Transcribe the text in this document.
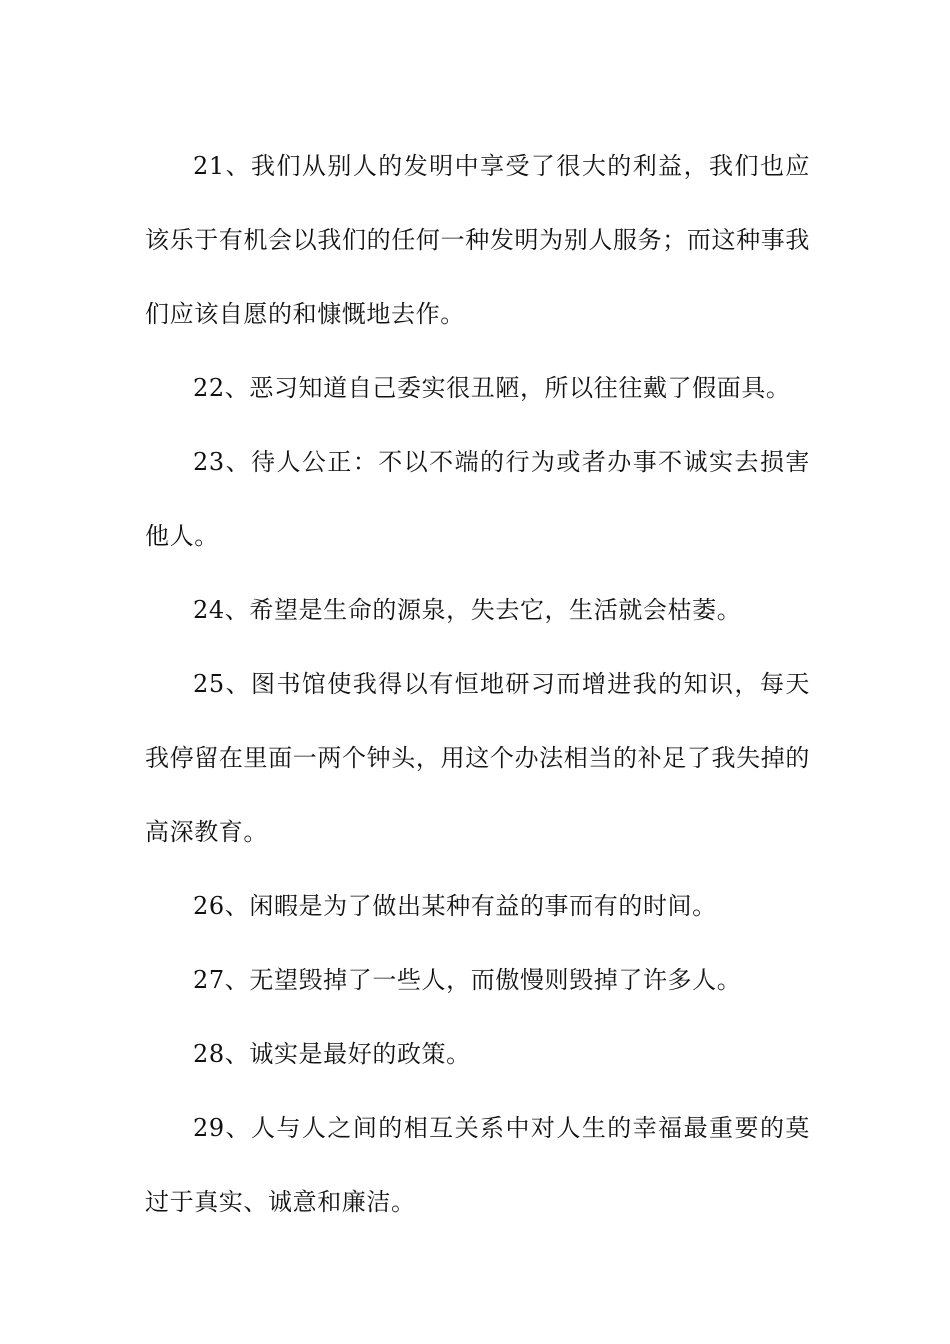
21、我们从别人的发明中享受了很大的利益，我们也应该乐于有机会以我们的任何一种发明为别人服务；而这种事我们应该自愿的和慷慨地去作。

22、恶习知道自己委实很丑陋，所以往往戴了假面具。

23、待人公正：不以不端的行为或者办事不诚实去损害他人。

24、希望是生命的源泉，失去它，生活就会枯萎。

25、图书馆使我得以有恒地研习而增进我的知识，每天我停留在里面一两个钟头，用这个办法相当的补足了我失掉的高深教育。

26、闲暇是为了做出某种有益的事而有的时间。

27、无望毁掉了一些人，而傲慢则毁掉了许多人。

28、诚实是最好的政策。

29、人与人之间的相互关系中对人生的幸福最重要的莫过于真实、诚意和廉洁。
